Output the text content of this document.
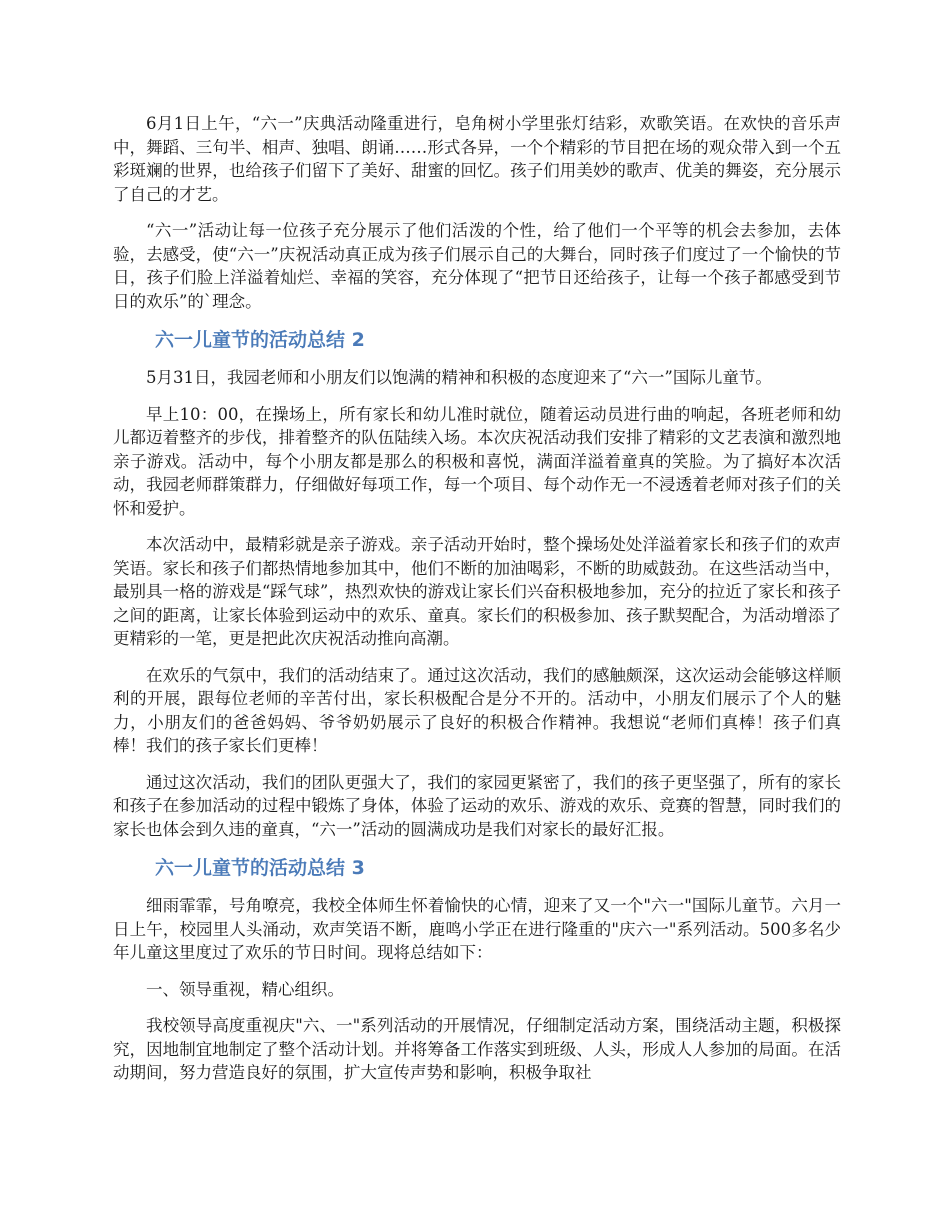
6月1日上午，“六一”庆典活动隆重进行，皂角树小学里张灯结彩，欢歌笑语。在欢快的音乐声中，舞蹈、三句半、相声、独唱、朗诵……形式各异，一个个精彩的节目把在场的观众带入到一个五彩斑斓的世界，也给孩子们留下了美好、甜蜜的回忆。孩子们用美妙的歌声、优美的舞姿，充分展示了自己的才艺。

“六一”活动让每一位孩子充分展示了他们活泼的个性，给了他们一个平等的机会去参加，去体验，去感受，使“六一”庆祝活动真正成为孩子们展示自己的大舞台，同时孩子们度过了一个愉快的节日，孩子们脸上洋溢着灿烂、幸福的笑容，充分体现了“把节日还给孩子，让每一个孩子都感受到节日的欢乐”的`理念。

六一儿童节的活动总结 2

5月31日，我园老师和小朋友们以饱满的精神和积极的态度迎来了“六一”国际儿童节。

早上10：00，在操场上，所有家长和幼儿准时就位，随着运动员进行曲的响起，各班老师和幼儿都迈着整齐的步伐，排着整齐的队伍陆续入场。本次庆祝活动我们安排了精彩的文艺表演和激烈地亲子游戏。活动中，每个小朋友都是那么的积极和喜悦，满面洋溢着童真的笑脸。为了搞好本次活动，我园老师群策群力，仔细做好每项工作，每一个项目、每个动作无一不浸透着老师对孩子们的关怀和爱护。

本次活动中，最精彩就是亲子游戏。亲子活动开始时，整个操场处处洋溢着家长和孩子们的欢声笑语。家长和孩子们都热情地参加其中，他们不断的加油喝彩，不断的助威鼓劲。在这些活动当中，最别具一格的游戏是“踩气球”，热烈欢快的游戏让家长们兴奋积极地参加，充分的拉近了家长和孩子之间的距离，让家长体验到运动中的欢乐、童真。家长们的积极参加、孩子默契配合，为活动增添了更精彩的一笔，更是把此次庆祝活动推向高潮。

在欢乐的气氛中，我们的活动结束了。通过这次活动，我们的感触颇深，这次运动会能够这样顺利的开展，跟每位老师的辛苦付出，家长积极配合是分不开的。活动中，小朋友们展示了个人的魅力，小朋友们的爸爸妈妈、爷爷奶奶展示了良好的积极合作精神。我想说“老师们真棒！孩子们真棒！我们的孩子家长们更棒！

通过这次活动，我们的团队更强大了，我们的家园更紧密了，我们的孩子更坚强了，所有的家长和孩子在参加活动的过程中锻炼了身体，体验了运动的欢乐、游戏的欢乐、竞赛的智慧，同时我们的家长也体会到久违的童真，“六一”活动的圆满成功是我们对家长的最好汇报。

六一儿童节的活动总结 3

细雨霏霏，号角嘹亮，我校全体师生怀着愉快的心情，迎来了又一个"六一"国际儿童节。六月一日上午，校园里人头涌动，欢声笑语不断，鹿鸣小学正在进行隆重的"庆六一"系列活动。500多名少年儿童这里度过了欢乐的节日时间。现将总结如下：

一、领导重视，精心组织。

我校领导高度重视庆"六、一"系列活动的开展情况，仔细制定活动方案，围绕活动主题，积极探究，因地制宜地制定了整个活动计划。并将筹备工作落实到班级、人头，形成人人参加的局面。在活动期间，努力营造良好的氛围，扩大宣传声势和影响，积极争取社
